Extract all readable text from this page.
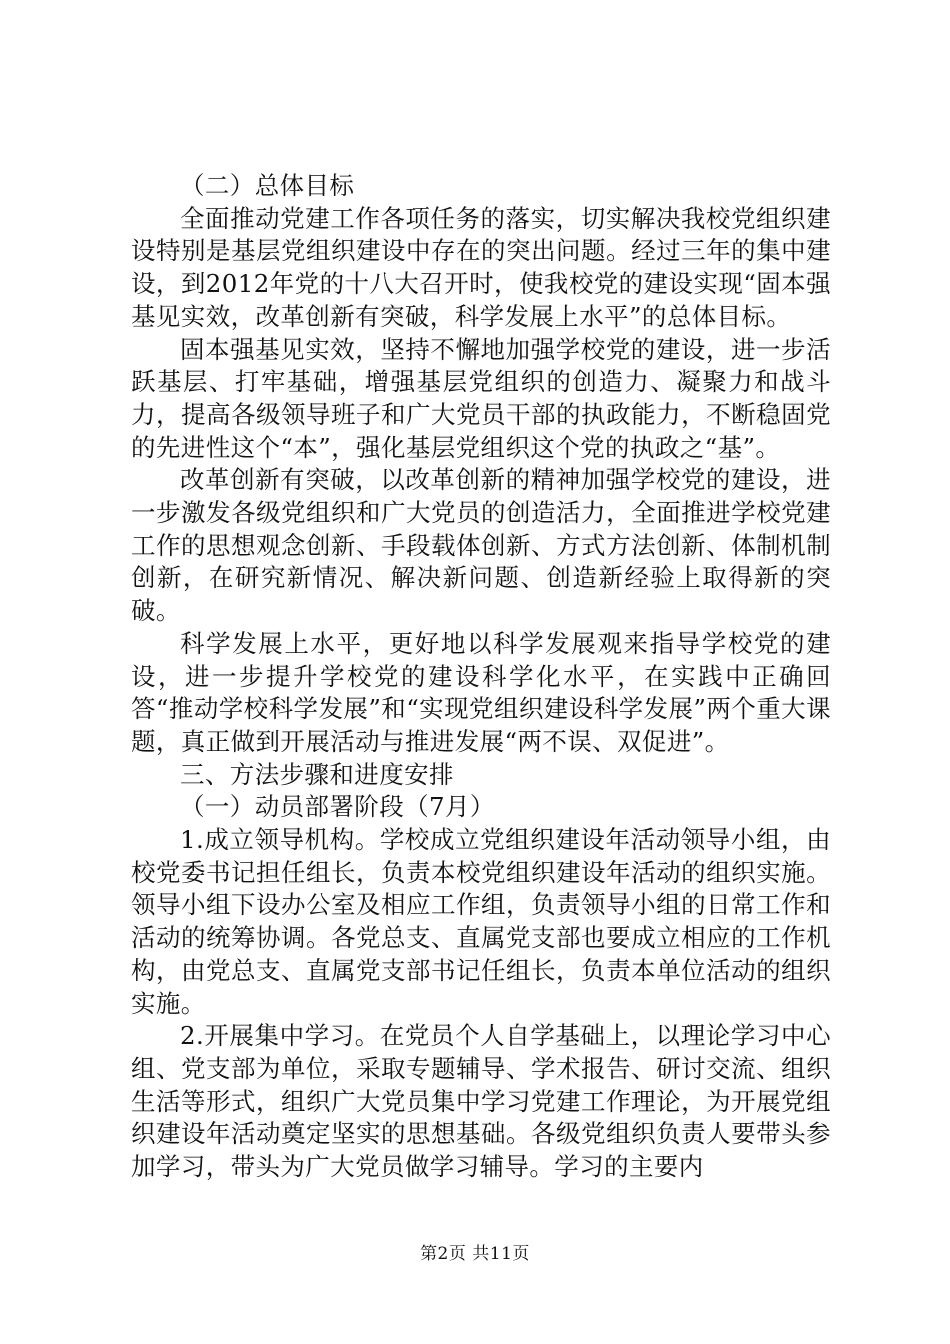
（二）总体目标

全面推动党建工作各项任务的落实，切实解决我校党组织建设特别是基层党组织建设中存在的突出问题。经过三年的集中建设，到2012年党的十八大召开时，使我校党的建设实现“固本强基见实效，改革创新有突破，科学发展上水平”的总体目标。

固本强基见实效，坚持不懈地加强学校党的建设，进一步活跃基层、打牢基础，增强基层党组织的创造力、凝聚力和战斗力，提高各级领导班子和广大党员干部的执政能力，不断稳固党的先进性这个“本”，强化基层党组织这个党的执政之“基”。

改革创新有突破，以改革创新的精神加强学校党的建设，进一步激发各级党组织和广大党员的创造活力，全面推进学校党建工作的思想观念创新、手段载体创新、方式方法创新、体制机制创新，在研究新情况、解决新问题、创造新经验上取得新的突破。

科学发展上水平，更好地以科学发展观来指导学校党的建设，进一步提升学校党的建设科学化水平，在实践中正确回答“推动学校科学发展”和“实现党组织建设科学发展”两个重大课题，真正做到开展活动与推进发展“两不误、双促进”。

三、方法步骤和进度安排

（一）动员部署阶段（7月）

1.成立领导机构。学校成立党组织建设年活动领导小组，由校党委书记担任组长，负责本校党组织建设年活动的组织实施。领导小组下设办公室及相应工作组，负责领导小组的日常工作和活动的统筹协调。各党总支、直属党支部也要成立相应的工作机构，由党总支、直属党支部书记任组长，负责本单位活动的组织实施。

2.开展集中学习。在党员个人自学基础上，以理论学习中心组、党支部为单位，采取专题辅导、学术报告、研讨交流、组织生活等形式，组织广大党员集中学习党建工作理论，为开展党组织建设年活动奠定坚实的思想基础。各级党组织负责人要带头参加学习，带头为广大党员做学习辅导。学习的主要内

第2页 共11页
